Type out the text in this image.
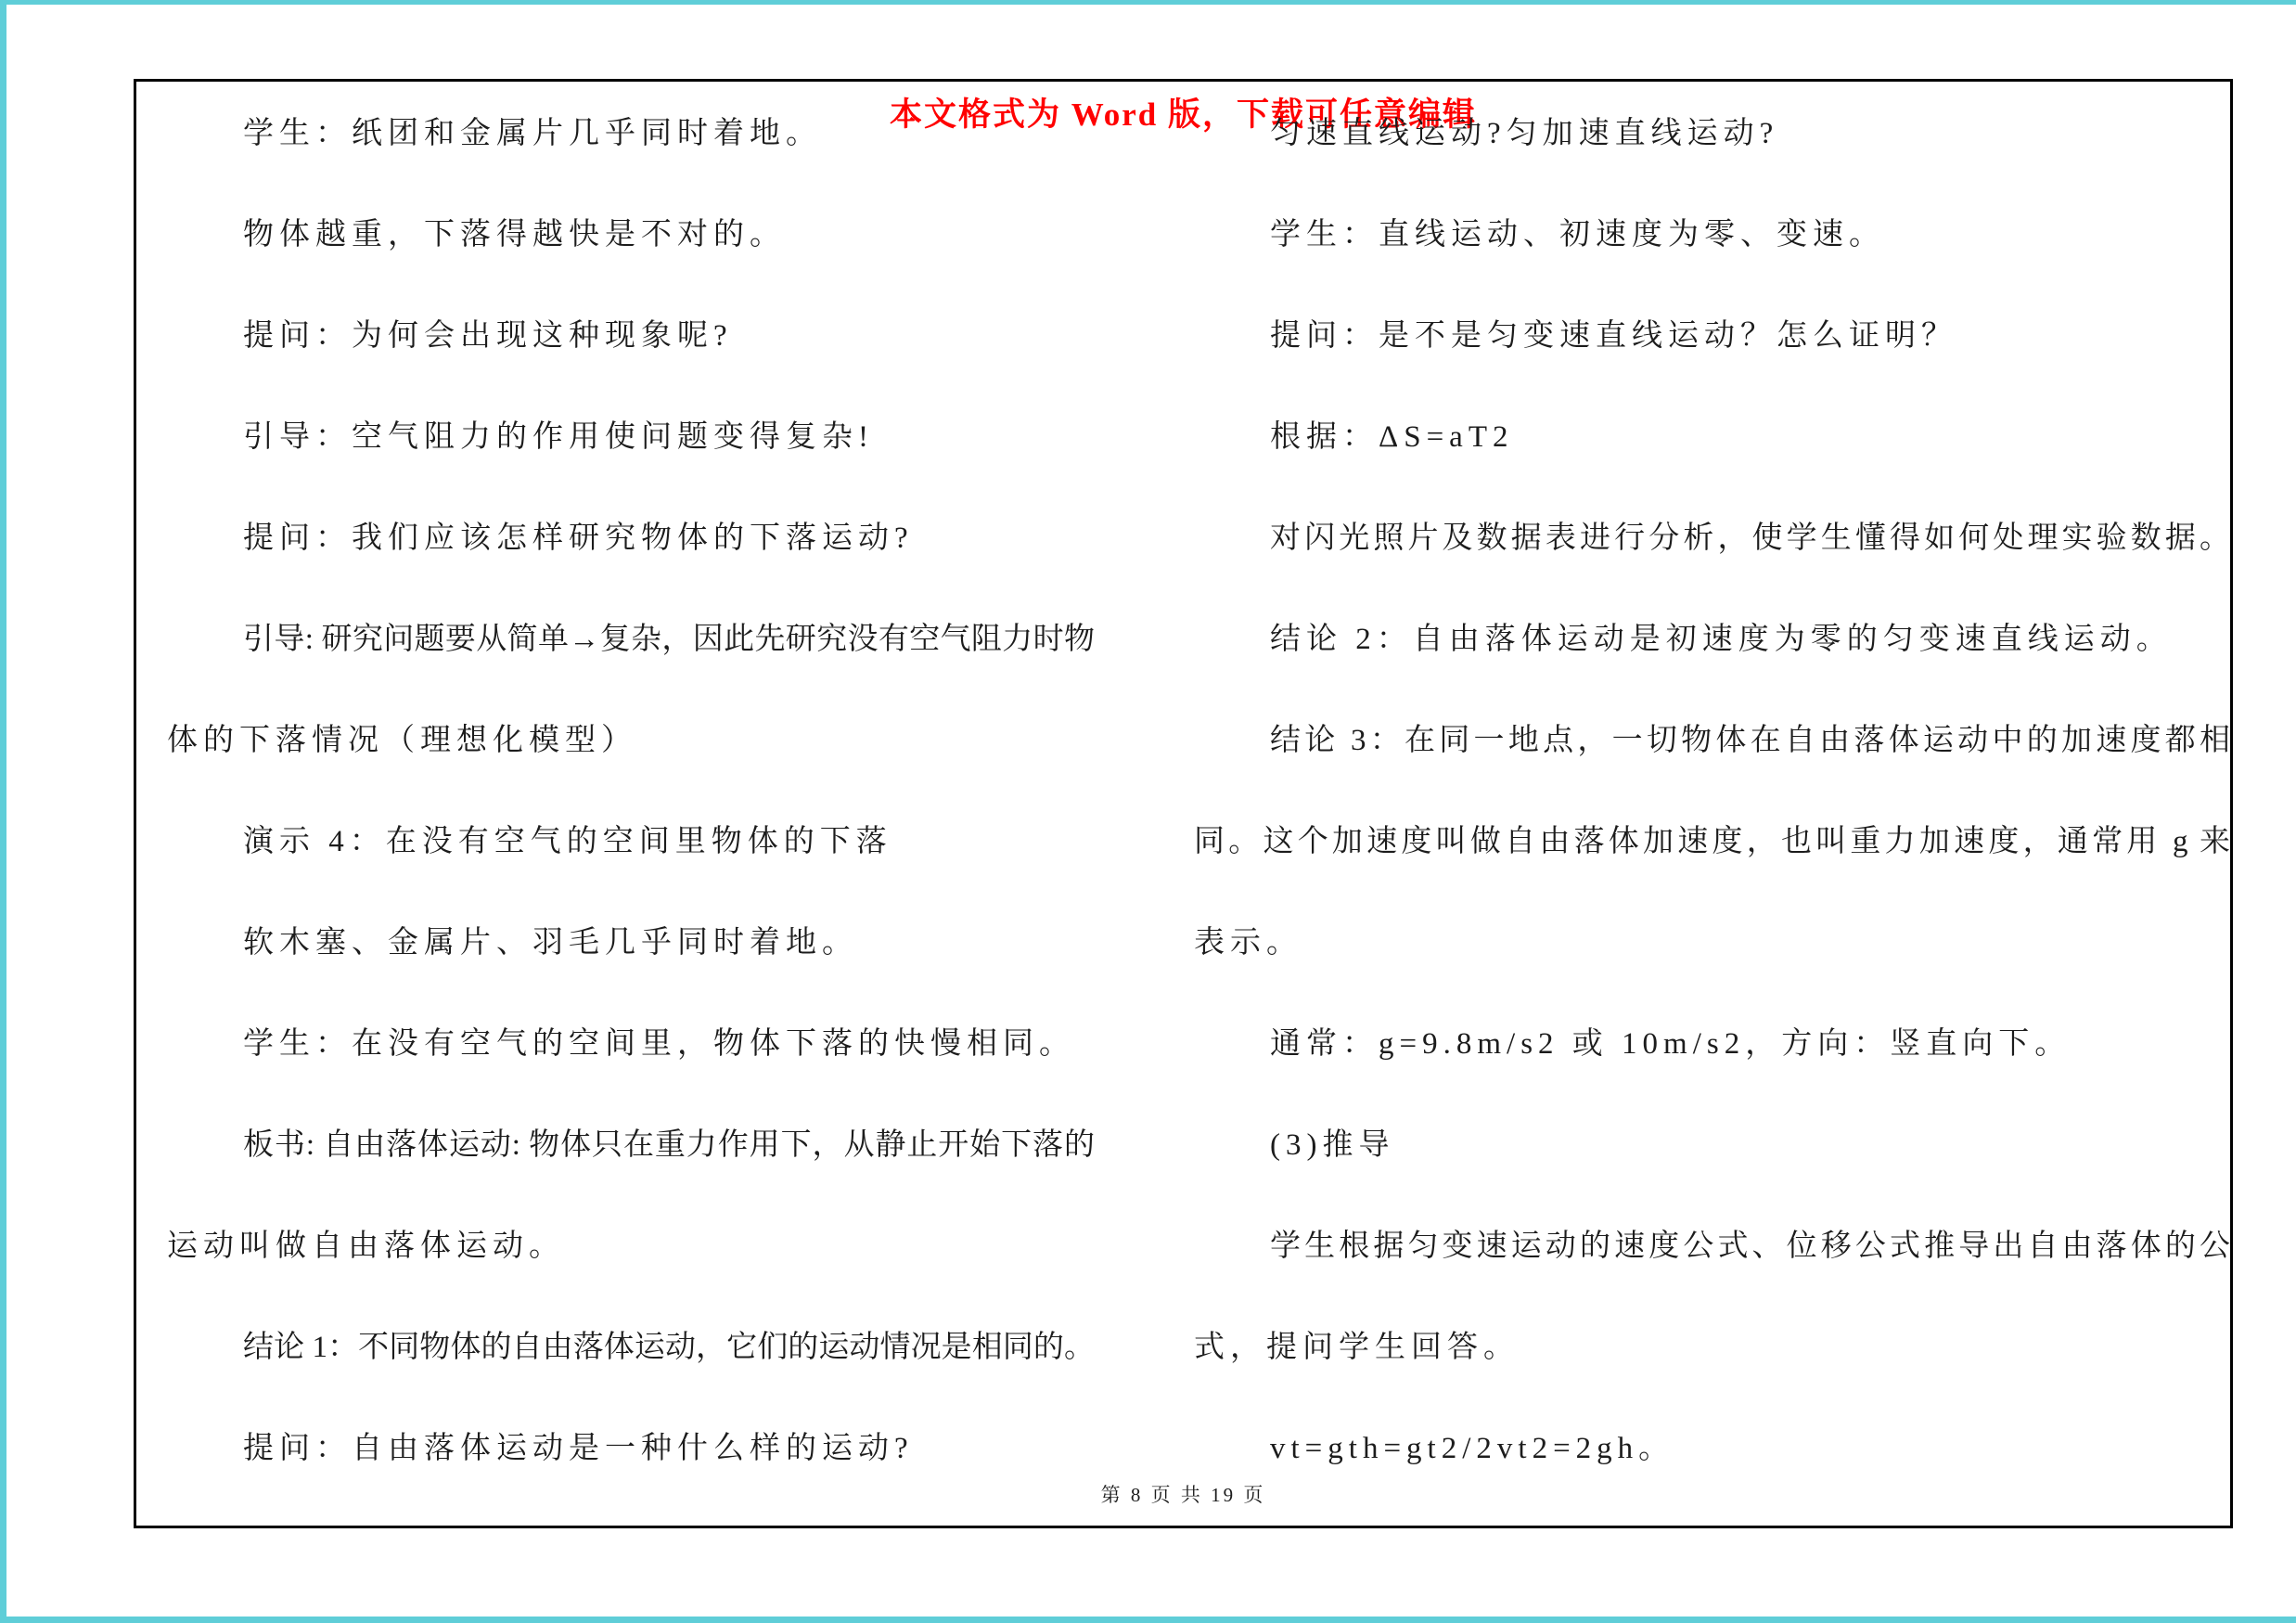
本文格式为 Word 版，下载可任意编辑
学生：纸团和金属片几乎同时着地。
物体越重，下落得越快是不对的。
提问：为何会出现这种现象呢?
引导：空气阻力的作用使问题变得复杂!
提问：我们应该怎样研究物体的下落运动?
引导: 研究问题要从简单→复杂，因此先研究没有空气阻力时物
体的下落情况（理想化模型）
演示 4：在没有空气的空间里物体的下落
软木塞、金属片、羽毛几乎同时着地。
学生：在没有空气的空间里，物体下落的快慢相同。
板书: 自由落体运动: 物体只在重力作用下，从静止开始下落的
运动叫做自由落体运动。
结论 1：不同物体的自由落体运动，它们的运动情况是相同的。
提问：自由落体运动是一种什么样的运动?
匀速直线运动?匀加速直线运动?
学生：直线运动、初速度为零、变速。
提问：是不是匀变速直线运动？怎么证明？
根据：ΔS=aT2
对闪光照片及数据表进行分析，使学生懂得如何处理实验数据。
结论 2：自由落体运动是初速度为零的匀变速直线运动。
结论 3：在同一地点，一切物体在自由落体运动中的加速度都相
同。这个加速度叫做自由落体加速度，也叫重力加速度，通常用 g 来
表示。
通常：g=9.8m/s2 或 10m/s2，方向：竖直向下。
(3)推导
学生根据匀变速运动的速度公式、位移公式推导出自由落体的公
式，提问学生回答。
vt=gth=gt2/2vt2=2gh。
第 8 页 共 19 页
